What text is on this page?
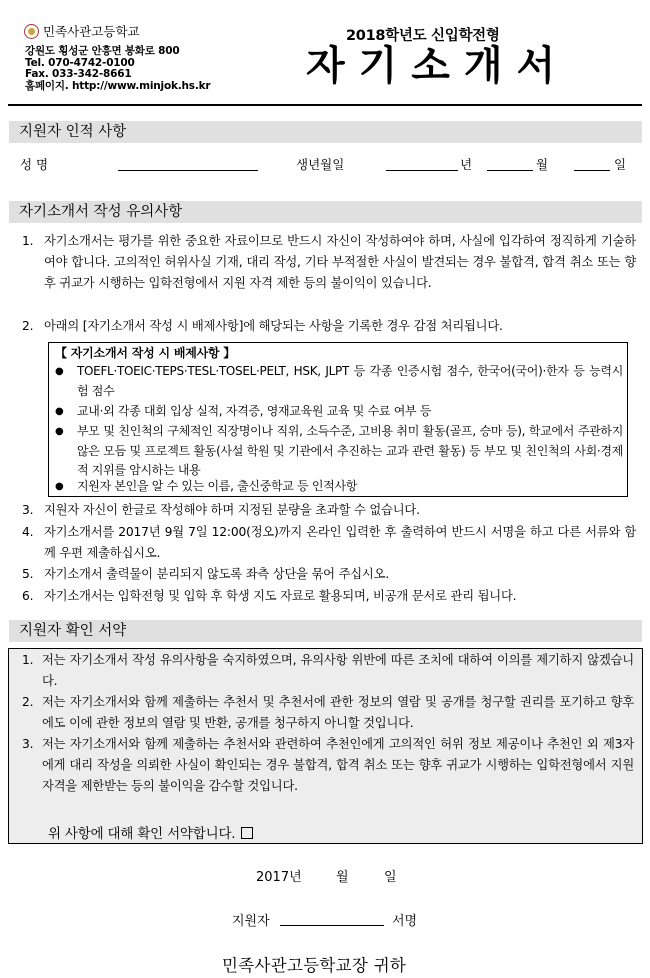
민족사관고등학교
강원도 횡성군 안흥면 봉화로 800
Tel. 070-4742-0100
Fax. 033-342-8661
홈페이지. http://www.minjok.hs.kr
2018학년도 신입학전형
자기소개서
지원자 인적 사항
성 명	생년월일	년	월	일
자기소개서 작성 유의사항
1. 자기소개서는 평가를 위한 중요한 자료이므로 반드시 자신이 작성하여야 하며, 사실에 입각하여 정직하게 기술하여야 합니다. 고의적인 허위사실 기재, 대리 작성, 기타 부적절한 사실이 발견되는 경우 불합격, 합격 취소 또는 향후 귀교가 시행하는 입학전형에서 지원 자격 제한 등의 불이익이 있습니다.
2. 아래의 [자기소개서 작성 시 배제사항]에 해당되는 사항을 기록한 경우 감점 처리됩니다.
【 자기소개서 작성 시 배제사항 】
● TOEFL·TOEIC·TEPS·TESL·TOSEL·PELT, HSK, JLPT 등 각종 인증시험 점수, 한국어(국어)·한자 등 능력시험 점수
● 교내·외 각종 대회 입상 실적, 자격증, 영재교육원 교육 및 수료 여부 등
● 부모 및 친인척의 구체적인 직장명이나 직위, 소득수준, 고비용 취미 활동(골프, 승마 등), 학교에서 주관하지 않은 모듬 및 프로젝트 활동(사설 학원 및 기관에서 추진하는 교과 관련 활동) 등 부모 및 친인척의 사회·경제적 지위를 암시하는 내용
● 지원자 본인을 알 수 있는 이름, 출신중학교 등 인적사항
3. 지원자 자신이 한글로 작성해야 하며 지정된 분량을 초과할 수 없습니다.
4. 자기소개서를 2017년 9월 7일 12:00(정오)까지 온라인 입력한 후 출력하여 반드시 서명을 하고 다른 서류와 함께 우편 제출하십시오.
5. 자기소개서 출력물이 분리되지 않도록 좌측 상단을 묶어 주십시오.
6. 자기소개서는 입학전형 및 입학 후 학생 지도 자료로 활용되며, 비공개 문서로 관리 됩니다.
지원자 확인 서약
1. 저는 자기소개서 작성 유의사항을 숙지하였으며, 유의사항 위반에 따른 조치에 대하여 이의를 제기하지 않겠습니다.
2. 저는 자기소개서와 함께 제출하는 추천서 및 추천서에 관한 정보의 열람 및 공개를 청구할 권리를 포기하고 향후에도 이에 관한 정보의 열람 및 반환, 공개를 청구하지 아니할 것입니다.
3. 저는 자기소개서와 함께 제출하는 추천서와 관련하여 추천인에게 고의적인 허위 정보 제공이나 추천인 외 제3자에게 대리 작성을 의뢰한 사실이 확인되는 경우 불합격, 합격 취소 또는 향후 귀교가 시행하는 입학전형에서 지원 자격을 제한받는 등의 불이익을 감수할 것입니다.
위 사항에 대해 확인 서약합니다.
2017년	월	일
지원자	서명
민족사관고등학교장 귀하
